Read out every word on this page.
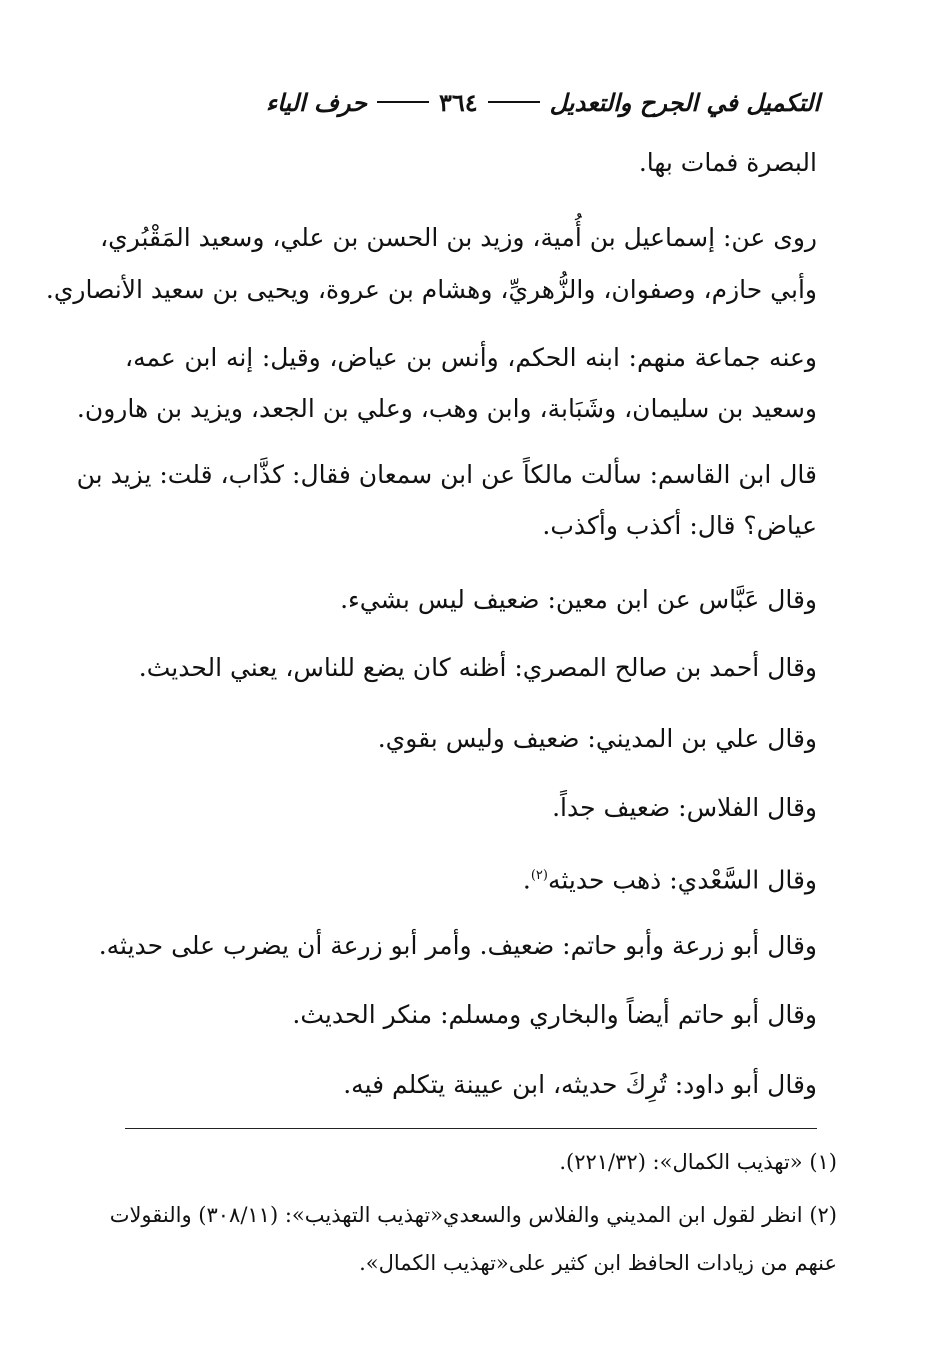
التكميل في الجرح والتعديل
٣٦٤
حرف الياء
البصرة فمات بها.
روى عن: إسماعيل بن أُمية، وزيد بن الحسن بن علي، وسعيد المَقْبُري،
وأبي حازم، وصفوان، والزُّهريِّ، وهشام بن عروة، ويحيى بن سعيد الأنصاري.
وعنه جماعة منهم: ابنه الحكم، وأنس بن عياض، وقيل: إنه ابن عمه،
وسعيد بن سليمان، وشَبَابة، وابن وهب، وعلي بن الجعد، ويزيد بن هارون.
قال ابن القاسم: سألت مالكاً عن ابن سمعان فقال: كذَّاب، قلت: يزيد بن
عياض؟ قال: أكذب وأكذب.
وقال عَبَّاس عن ابن معين: ضعيف ليس بشيء.
وقال أحمد بن صالح المصري: أظنه كان يضع للناس، يعني الحديث.
وقال علي بن المديني: ضعيف وليس بقوي.
وقال الفلاس: ضعيف جداً.
وقال السَّعْدي: ذهب حديثه$^{(٢)}$.
وقال أبو زرعة وأبو حاتم: ضعيف. وأمر أبو زرعة أن يضرب على حديثه.
وقال أبو حاتم أيضاً والبخاري ومسلم: منكر الحديث.
وقال أبو داود: تُرِكَ حديثه، ابن عيينة يتكلم فيه.
(١) «تهذيب الكمال»: (٢٢١/٣٢).
(٢) انظر لقول ابن المديني والفلاس والسعدي«تهذيب التهذيب»: (٣٠٨/١١) والنقولات
عنهم من زيادات الحافظ ابن كثير على«تهذيب الكمال».
